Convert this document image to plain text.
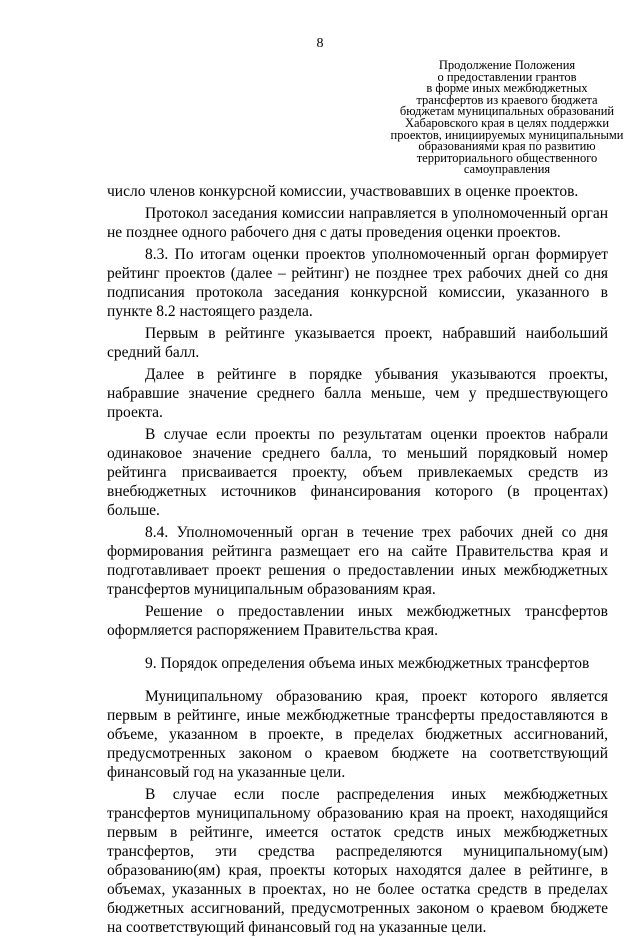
8
Продолжение Положения
о предоставлении грантов
в форме иных межбюджетных
трансфертов из краевого бюджета
бюджетам муниципальных образований
Хабаровского края в целях поддержки
проектов, инициируемых муниципальными
образованиями края по развитию
территориального общественного
самоуправления

число членов конкурсной комиссии, участвовавших в оценке проектов.

Протокол заседания комиссии направляется в уполномоченный орган не позднее одного рабочего дня с даты проведения оценки проектов.

8.3. По итогам оценки проектов уполномоченный орган формирует рейтинг проектов (далее – рейтинг) не позднее трех рабочих дней со дня подписания протокола заседания конкурсной комиссии, указанного в пункте 8.2 настоящего раздела.

Первым в рейтинге указывается проект, набравший наибольший средний балл.

Далее в рейтинге в порядке убывания указываются проекты, набравшие значение среднего балла меньше, чем у предшествующего проекта.

В случае если проекты по результатам оценки проектов набрали одинаковое значение среднего балла, то меньший порядковый номер рейтинга присваивается проекту, объем привлекаемых средств из внебюджетных источников финансирования которого (в процентах) больше.

8.4. Уполномоченный орган в течение трех рабочих дней со дня формирования рейтинга размещает его на сайте Правительства края и подготавливает проект решения о предоставлении иных межбюджетных трансфертов муниципальным образованиям края.

Решение о предоставлении иных межбюджетных трансфертов оформляется распоряжением Правительства края.

9. Порядок определения объема иных межбюджетных трансфертов

Муниципальному образованию края, проект которого является первым в рейтинге, иные межбюджетные трансферты предоставляются в объеме, указанном в проекте, в пределах бюджетных ассигнований, предусмотренных законом о краевом бюджете на соответствующий финансовый год на указанные цели.

В случае если после распределения иных межбюджетных трансфертов муниципальному образованию края на проект, находящийся первым в рейтинге, имеется остаток средств иных межбюджетных трансфертов, эти средства распределяются муниципальному(ым) образованию(ям) края, проекты которых находятся далее в рейтинге, в объемах, указанных в проектах, но не более остатка средств в пределах бюджетных ассигнований, предусмотренных законом о краевом бюджете на соответствующий финансовый год на указанные цели.
